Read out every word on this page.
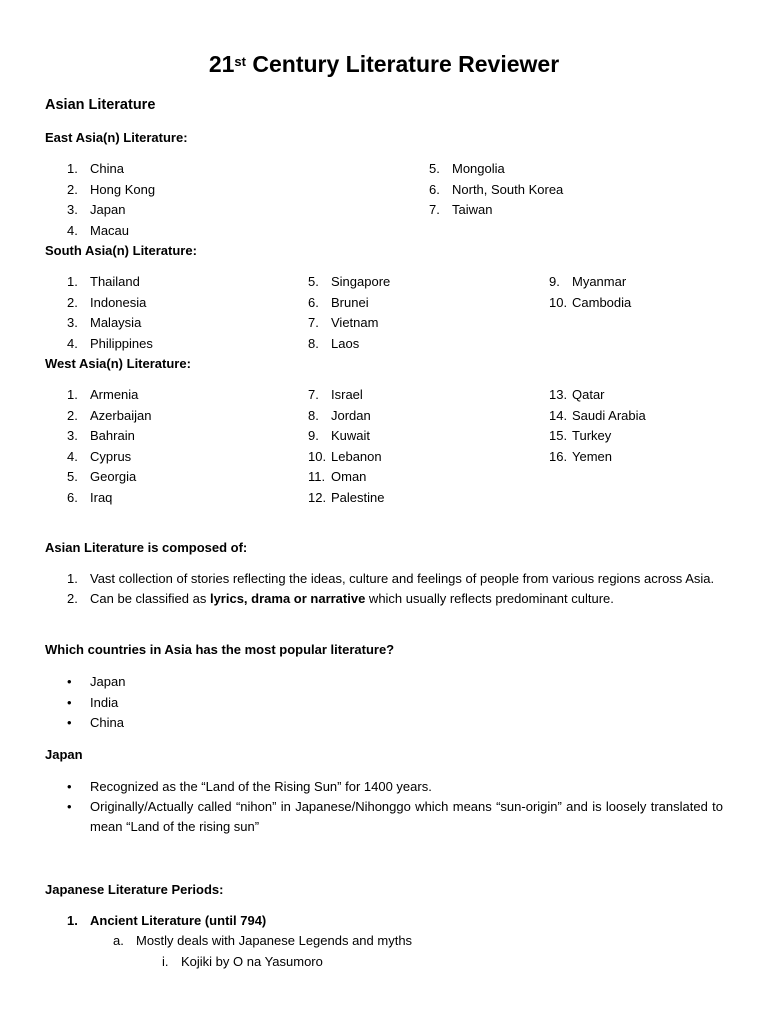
21st Century Literature Reviewer
Asian Literature
East Asia(n) Literature:
1. China
2. Hong Kong
3. Japan
4. Macau
5. Mongolia
6. North, South Korea
7. Taiwan
South Asia(n) Literature:
1. Thailand
2. Indonesia
3. Malaysia
4. Philippines
5. Singapore
6. Brunei
7. Vietnam
8. Laos
9. Myanmar
10. Cambodia
West Asia(n) Literature:
1. Armenia
2. Azerbaijan
3. Bahrain
4. Cyprus
5. Georgia
6. Iraq
7. Israel
8. Jordan
9. Kuwait
10. Lebanon
11. Oman
12. Palestine
13. Qatar
14. Saudi Arabia
15. Turkey
16. Yemen
Asian Literature is composed of:
1. Vast collection of stories reflecting the ideas, culture and feelings of people from various regions across Asia.
2. Can be classified as lyrics, drama or narrative which usually reflects predominant culture.
Which countries in Asia has the most popular literature?
• Japan
• India
• China
Japan
• Recognized as the “Land of the Rising Sun” for 1400 years.
• Originally/Actually called “nihon” in Japanese/Nihonggo which means “sun-origin” and is loosely translated to mean “Land of the rising sun”
Japanese Literature Periods:
1. Ancient Literature (until 794)
a. Mostly deals with Japanese Legends and myths
i. Kojiki by O na Yasumoro
